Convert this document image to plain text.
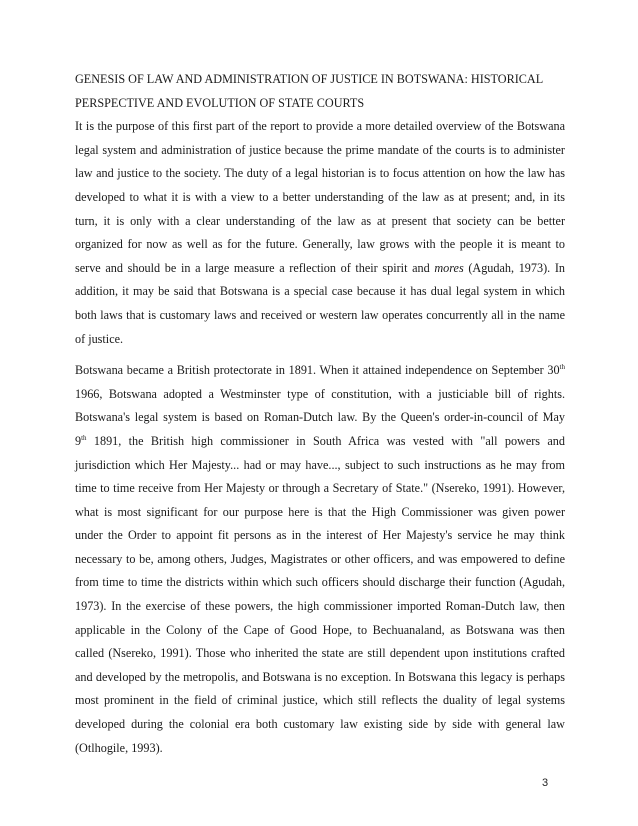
GENESIS OF LAW AND ADMINISTRATION OF JUSTICE IN BOTSWANA: HISTORICAL
PERSPECTIVE AND EVOLUTION OF STATE COURTS
It is the purpose of this first part of the report to provide a more detailed overview of the Botswana
legal system and administration of justice because the prime mandate of the courts is to administer
law and justice to the society. The duty of a legal historian is to focus attention on how the law has
developed to what it is with a view to a better understanding of the law as at present; and, in its
turn, it is only with a clear understanding of the law as at present that society can be better
organized for now as well as for the future. Generally, law grows with the people it is meant to
serve and should be in a large measure a reflection of their spirit and mores (Agudah, 1973). In
addition, it may be said that Botswana is a special case because it has dual legal system in which
both laws that is customary laws and received or western law operates concurrently all in the name
of justice.
Botswana became a British protectorate in 1891. When it attained independence on September 30th
1966, Botswana adopted a Westminster type of constitution, with a justiciable bill of rights.
Botswana's legal system is based on Roman-Dutch law. By the Queen's order-in-council of May
9th 1891, the British high commissioner in South Africa was vested with "all powers and
jurisdiction which Her Majesty... had or may have..., subject to such instructions as he may from
time to time receive from Her Majesty or through a Secretary of State." (Nsereko, 1991). However,
what is most significant for our purpose here is that the High Commissioner was given power
under the Order to appoint fit persons as in the interest of Her Majesty's service he may think
necessary to be, among others, Judges, Magistrates or other officers, and was empowered to define
from time to time the districts within which such officers should discharge their function (Agudah,
1973). In the exercise of these powers, the high commissioner imported Roman-Dutch law, then
applicable in the Colony of the Cape of Good Hope, to Bechuanaland, as Botswana was then
called (Nsereko, 1991). Those who inherited the state are still dependent upon institutions crafted
and developed by the metropolis, and Botswana is no exception. In Botswana this legacy is perhaps
most prominent in the field of criminal justice, which still reflects the duality of legal systems
developed during the colonial era both customary law existing side by side with general law
(Otlhogile, 1993).
3
